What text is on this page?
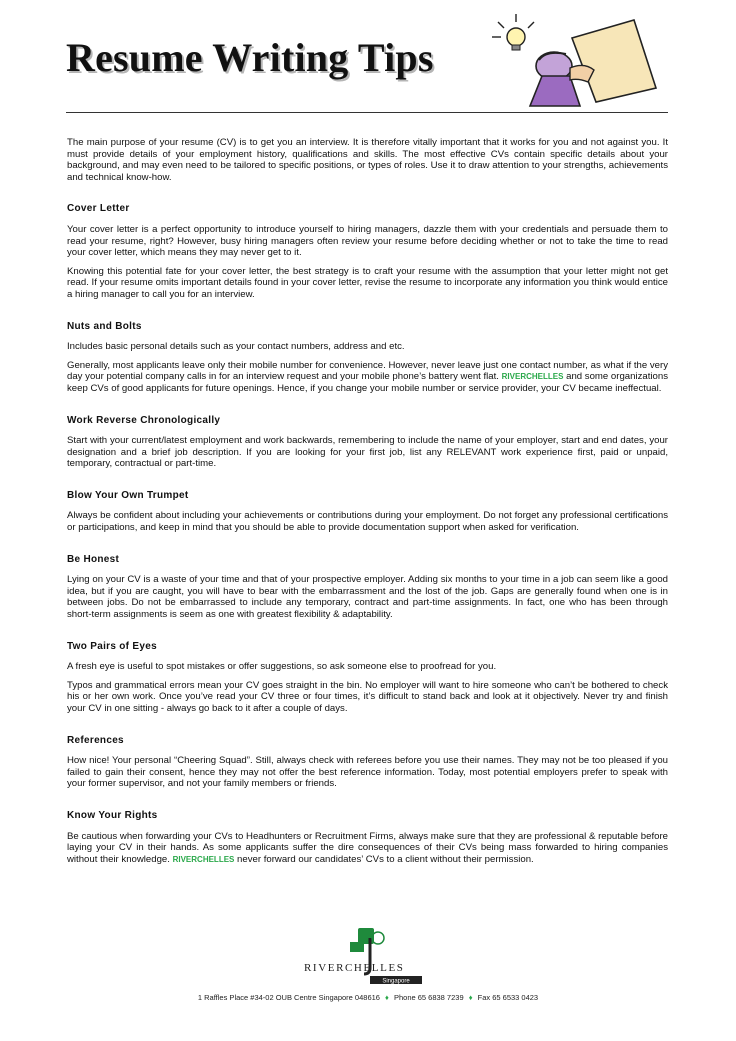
Resume Writing Tips

The main purpose of your resume (CV) is to get you an interview. It is therefore vitally important that it works for you and not against you. It must provide details of your employment history, qualifications and skills. The most effective CVs contain specific details about your background, and may even need to be tailored to specific positions, or types of roles. Use it to draw attention to your strengths, achievements and technical know-how.

Cover Letter

Your cover letter is a perfect opportunity to introduce yourself to hiring managers, dazzle them with your credentials and persuade them to read your resume, right? However, busy hiring managers often review your resume before deciding whether or not to take the time to read your cover letter, which means they may never get to it.

Knowing this potential fate for your cover letter, the best strategy is to craft your resume with the assumption that your letter might not get read. If your resume omits important details found in your cover letter, revise the resume to incorporate any information you think would entice a hiring manager to call you for an interview.

Nuts and Bolts

Includes basic personal details such as your contact numbers, address and etc.

Generally, most applicants leave only their mobile number for convenience. However, never leave just one contact number, as what if the very day your potential company calls in for an interview request and your mobile phone’s battery went flat. RIVERCHELLES and some organizations keep CVs of good applicants for future openings. Hence, if you change your mobile number or service provider, your CV became ineffectual.

Work Reverse Chronologically

Start with your current/latest employment and work backwards, remembering to include the name of your employer, start and end dates, your designation and a brief job description. If you are looking for your first job, list any RELEVANT work experience first, paid or unpaid, temporary, contractual or part-time.

Blow Your Own Trumpet

Always be confident about including your achievements or contributions during your employment. Do not forget any professional certifications or participations, and keep in mind that you should be able to provide documentation support when asked for verification.

Be Honest

Lying on your CV is a waste of your time and that of your prospective employer. Adding six months to your time in a job can seem like a good idea, but if you are caught, you will have to bear with the embarrassment and the lost of the job. Gaps are generally found when one is in between jobs. Do not be embarrassed to include any temporary, contract and part-time assignments. In fact, one who has been through short-term assignments is seem as one with greatest flexibility & adaptability.

Two Pairs of Eyes

A fresh eye is useful to spot mistakes or offer suggestions, so ask someone else to proofread for you.

Typos and grammatical errors mean your CV goes straight in the bin. No employer will want to hire someone who can’t be bothered to check his or her own work. Once you’ve read your CV three or four times, it’s difficult to stand back and look at it objectively. Never try and finish your CV in one sitting - always go back to it after a couple of days.

References

How nice! Your personal “Cheering Squad”. Still, always check with referees before you use their names. They may not be too pleased if you failed to gain their consent, hence they may not offer the best reference information. Today, most potential employers prefer to speak with your former supervisor, and not your family members or friends.

Know Your Rights

Be cautious when forwarding your CVs to Headhunters or Recruitment Firms, always make sure that they are professional & reputable before laying your CV in their hands. As some applicants suffer the dire consequences of their CVs being mass forwarded to hiring companies without their knowledge. RIVERCHELLES never forward our candidates’ CVs to a client without their permission.

RIVERCHELLES
Singapore
1 Raffles Place #34-02 OUB Centre Singapore 048616 ♦ Phone 65 6838 7239 ♦ Fax 65 6533 0423
